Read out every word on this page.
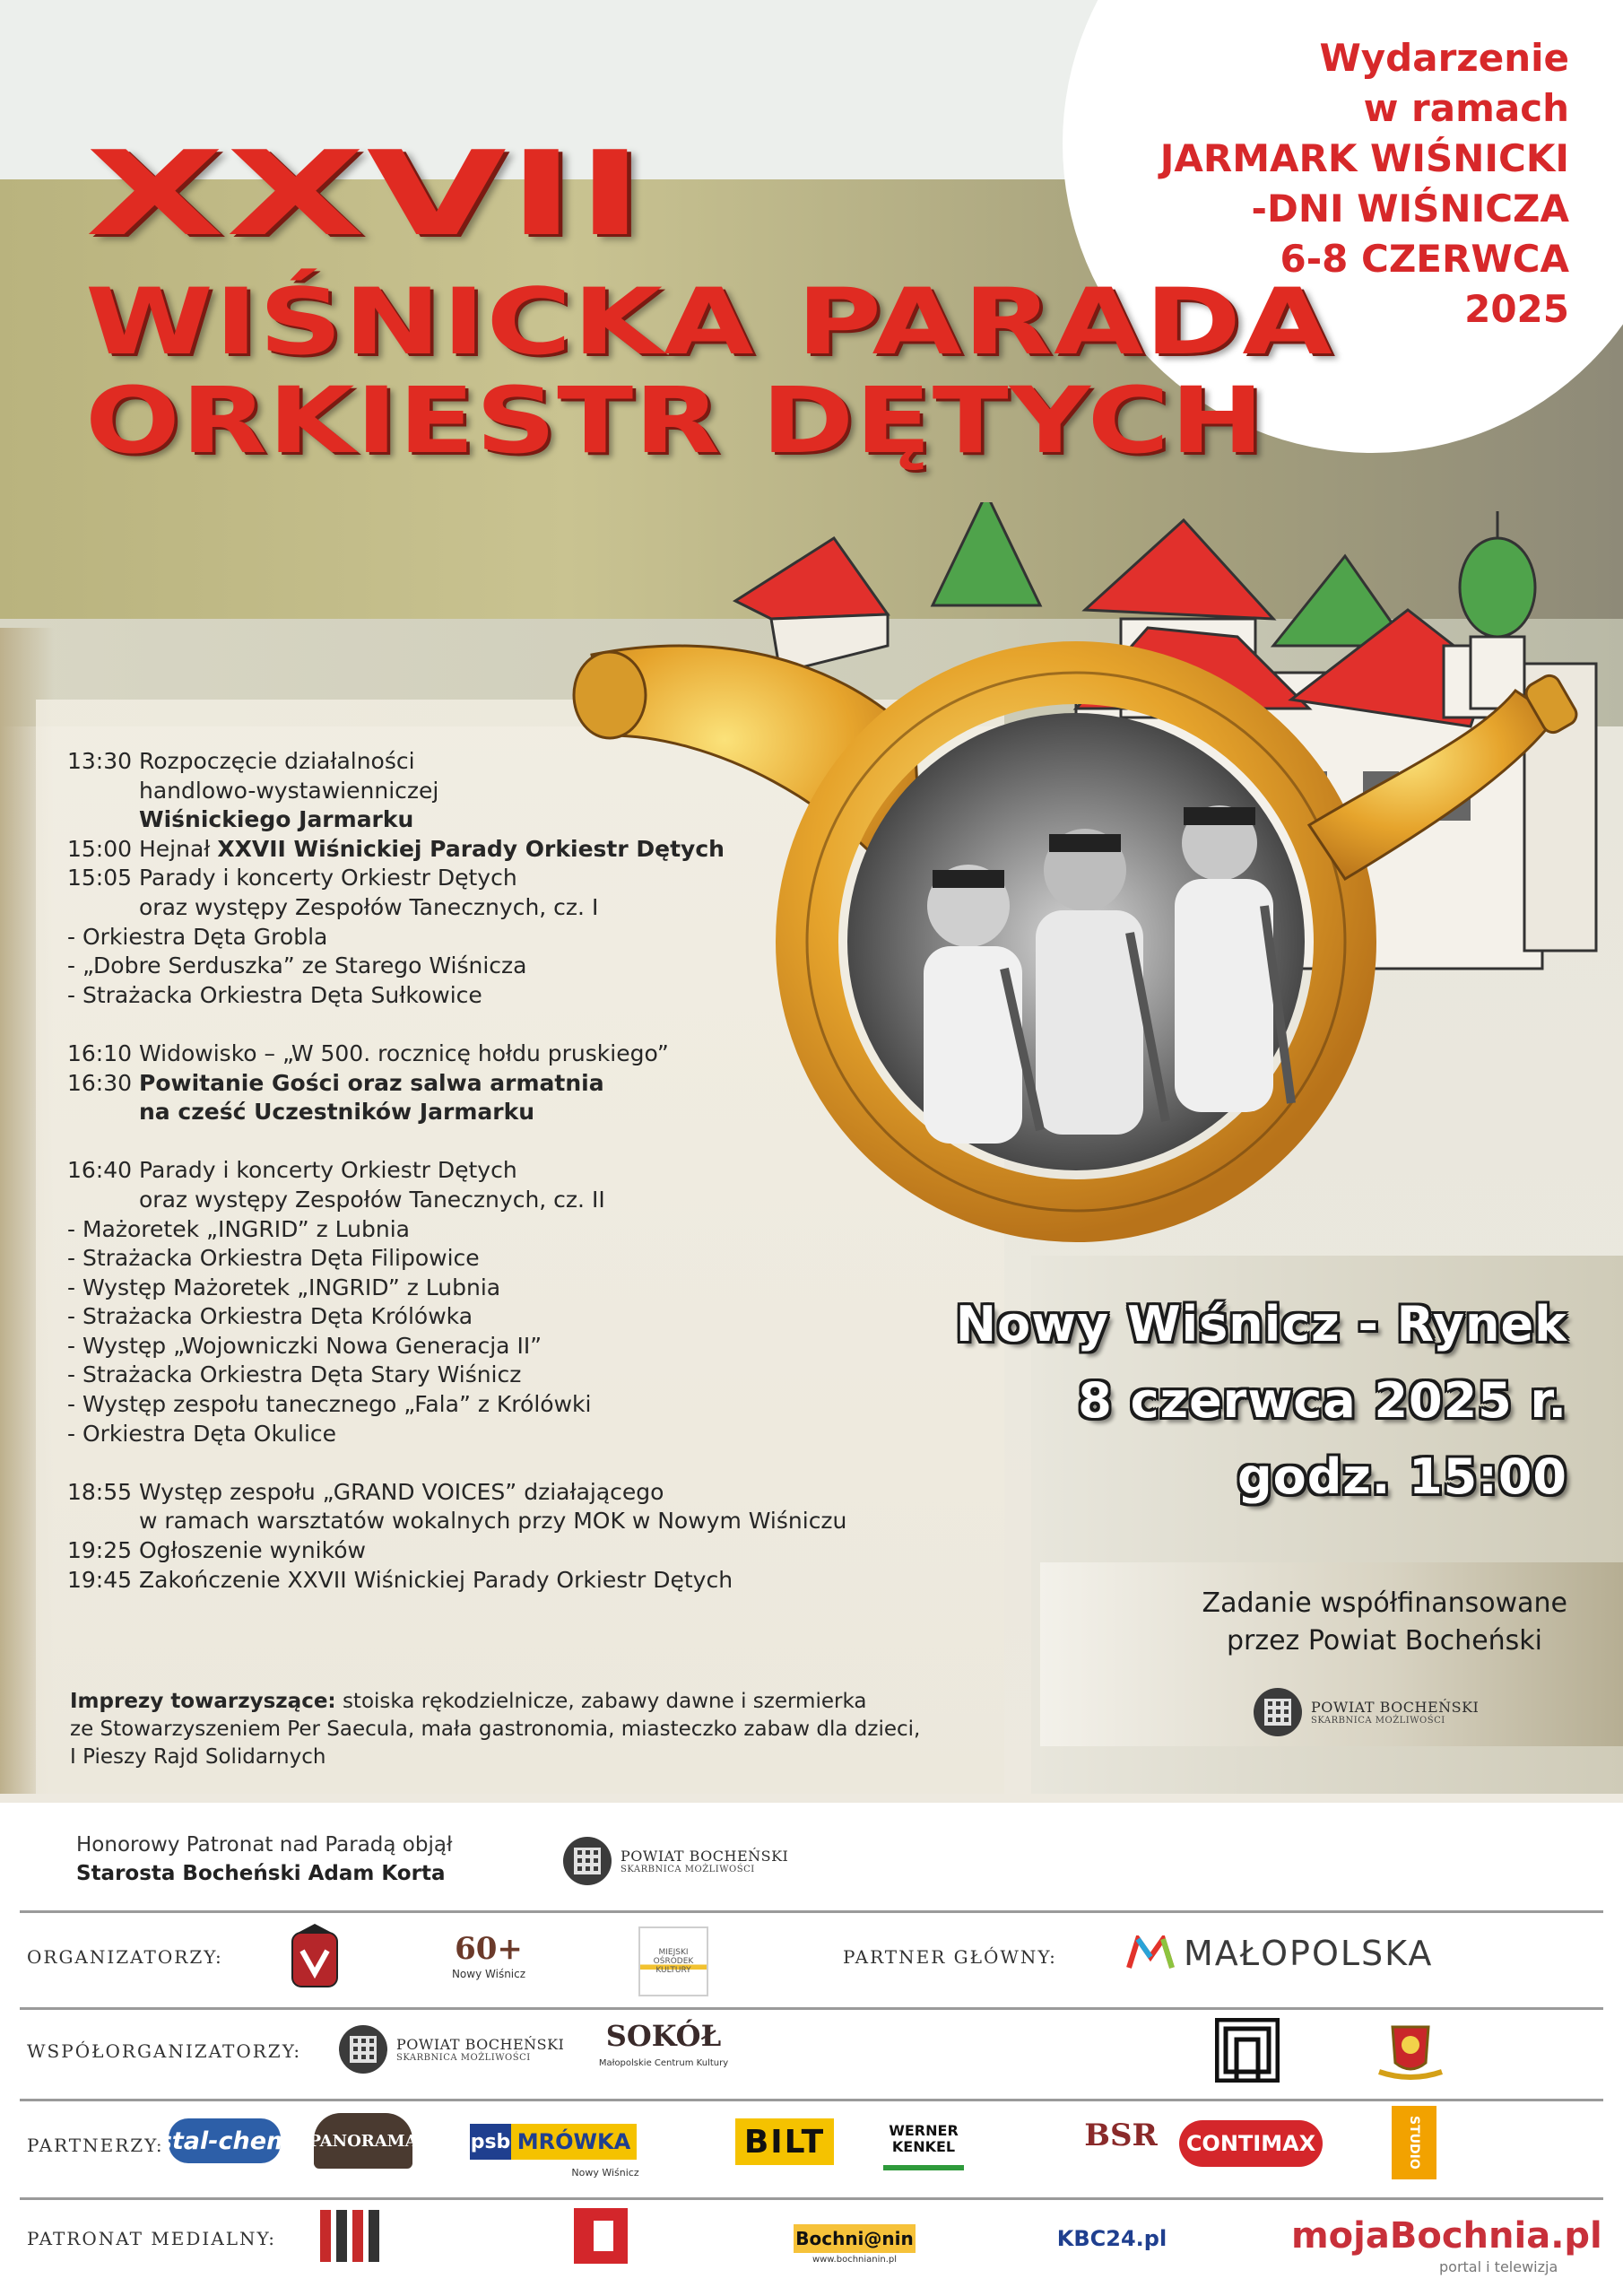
Wydarzenie
w ramach
JARMARK WIŚNICKI
-DNI WIŚNICZA
6-8 CZERWCA
2025
XXVII
WIŚNICKA PARADA
ORKIESTR DĘTYCH
13:30 Rozpoczęcie działalności
handlowo-wystawienniczej
Wiśnickiego Jarmarku
15:00 Hejnał XXVII Wiśnickiej Parady Orkiestr Dętych
15:05 Parady i koncerty Orkiestr Dętych
oraz występy Zespołów Tanecznych, cz. I
- Orkiestra Dęta Grobla
- „Dobre Serduszka” ze Starego Wiśnicza
- Strażacka Orkiestra Dęta Sułkowice
16:10 Widowisko – „W 500. rocznicę hołdu pruskiego”
16:30 Powitanie Gości oraz salwa armatnia
na cześć Uczestników Jarmarku
16:40 Parady i koncerty Orkiestr Dętych
oraz występy Zespołów Tanecznych, cz. II
- Mażoretek „INGRID” z Lubnia
- Strażacka Orkiestra Dęta Filipowice
- Występ Mażoretek „INGRID” z Lubnia
- Strażacka Orkiestra Dęta Królówka
- Występ „Wojowniczki Nowa Generacja II”
- Strażacka Orkiestra Dęta Stary Wiśnicz
- Występ zespołu tanecznego „Fala” z Królówki
- Orkiestra Dęta Okulice
18:55 Występ zespołu „GRAND VOICES” działającego
w ramach warsztatów wokalnych przy MOK w Nowym Wiśniczu
19:25 Ogłoszenie wyników
19:45 Zakończenie XXVII Wiśnickiej Parady Orkiestr Dętych
Nowy Wiśnicz - Rynek
8 czerwca 2025 r.
godz. 15:00
Zadanie współfinansowane
przez Powiat Bocheński
POWIAT BOCHEŃSKI
SKARBNICA MOŻLIWOŚCI
Imprezy towarzyszące: stoiska rękodzielnicze, zabawy dawne i szermierka
ze Stowarzyszeniem Per Saecula, mała gastronomia, miasteczko zabaw dla dzieci,
I Pieszy Rajd Solidarnych
Honorowy Patronat nad Paradą objął
Starosta Bocheński Adam Korta
POWIAT BOCHEŃSKI
SKARBNICA MOŻLIWOŚCI
ORGANIZATORZY:	60+
Nowy Wiśnicz
MIEJSKI OŚRODEK KULTURY
PARTNER GŁÓWNY:	MAŁOPOLSKA
WSPÓŁORGANIZATORZY:	POWIAT BOCHEŃSKI
SKARBNICA MOŻLIWOŚCI
SOKÓŁ
Małopolskie Centrum Kultury
PARTNERZY:
stal-chem PANORAMA	psb MRÓWKA
Nowy Wiśnicz
BILT	WERNER KENKEL	BSR	CONTIMAX	STUDIO
PATRONAT MEDIALNY:	Bochni@nin
www.bochnianin.pl
KBC24.pl	mojaBochnia.pl
portal i telewizja
